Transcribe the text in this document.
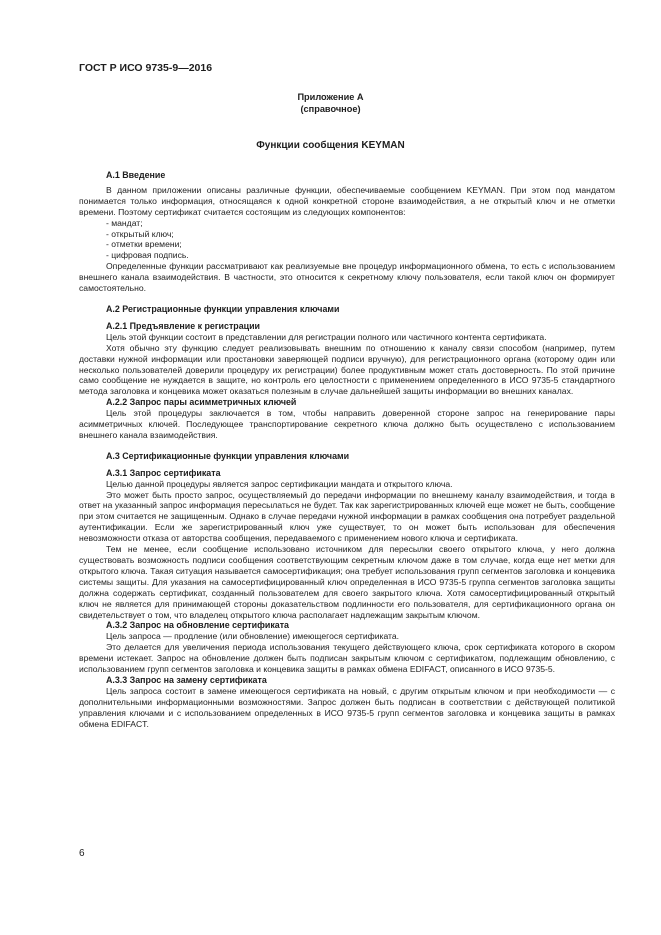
ГОСТ Р ИСО 9735-9—2016
Приложение А
(справочное)
Функции сообщения KEYMAN
А.1 Введение

В данном приложении описаны различные функции, обеспечиваемые сообщением KEYMAN. При этом под мандатом понимается только информация, относящаяся к одной конкретной стороне взаимодействия, а не открытый ключ и не отметки времени. Поэтому сертификат считается состоящим из следующих компонентов:

- мандат;

- открытый ключ;

- отметки времени;

- цифровая подпись.

Определенные функции рассматривают как реализуемые вне процедур информационного обмена, то есть с использованием внешнего канала взаимодействия. В частности, это относится к секретному ключу пользователя, если такой ключ он формирует самостоятельно.

А.2 Регистрационные функции управления ключами
А.2.1 Предъявление к регистрации

Цель этой функции состоит в представлении для регистрации полного или частичного контента сертификата.

Хотя обычно эту функцию следует реализовывать внешним по отношению к каналу связи способом (например, путем доставки нужной информации или простановки заверяющей подписи вручную), для регистрационного органа (которому один или несколько пользователей доверили процедуру их регистрации) более продуктивным может стать достоверность. По этой причине само сообщение не нуждается в защите, но контроль его целостности с применением определенного в ИСО 9735-5 стандартного метода заголовка и концевика может оказаться полезным в случае дальнейшей защиты информации во внешних каналах.

А.2.2 Запрос пары асимметричных ключей

Цель этой процедуры заключается в том, чтобы направить доверенной стороне запрос на генерирование пары асимметричных ключей. Последующее транспортирование секретного ключа должно быть осуществлено с использованием внешнего канала взаимодействия.

А.3 Сертификационные функции управления ключами
А.3.1 Запрос сертификата

Целью данной процедуры является запрос сертификации мандата и открытого ключа.

Это может быть просто запрос, осуществляемый до передачи информации по внешнему каналу взаимодействия, и тогда в ответ на указанный запрос информация пересылаться не будет. Так как зарегистрированных ключей еще может не быть, сообщение при этом считается не защищенным. Однако в случае передачи нужной информации в рамках сообщения она потребует раздельной аутентификации. Если же зарегистрированный ключ уже существует, то он может быть использован для обеспечения невозможности отказа от авторства сообщения, передаваемого с применением нового ключа и сертификата.

Тем не менее, если сообщение использовано источником для пересылки своего открытого ключа, у него должна существовать возможность подписи сообщения соответствующим секретным ключом даже в том случае, когда еще нет метки для открытого ключа. Такая ситуация называется самосертификация; она требует использования групп сегментов заголовка и концевика системы защиты. Для указания на самосертифицированный ключ определенная в ИСО 9735-5 группа сегментов заголовка защиты должна содержать сертификат, созданный пользователем для своего закрытого ключа. Хотя самосертифицированный открытый ключ не является для принимающей стороны доказательством подлинности его пользователя, для сертификационного органа он свидетельствует о том, что владелец открытого ключа располагает надлежащим закрытым ключом.

А.3.2 Запрос на обновление сертификата

Цель запроса — продление (или обновление) имеющегося сертификата.

Это делается для увеличения периода использования текущего действующего ключа, срок сертификата которого в скором времени истекает. Запрос на обновление должен быть подписан закрытым ключом с сертификатом, подлежащим обновлению, с использованием групп сегментов заголовка и концевика защиты в рамках обмена EDIFACT, описанного в ИСО 9735-5.

А.3.3 Запрос на замену сертификата

Цель запроса состоит в замене имеющегося сертификата на новый, с другим открытым ключом и при необходимости — с дополнительными информационными возможностями. Запрос должен быть подписан в соответствии с действующей политикой управления ключами и с использованием определенных в ИСО 9735-5 групп сегментов заголовка и концевика защиты в рамках обмена EDIFACT.

6
